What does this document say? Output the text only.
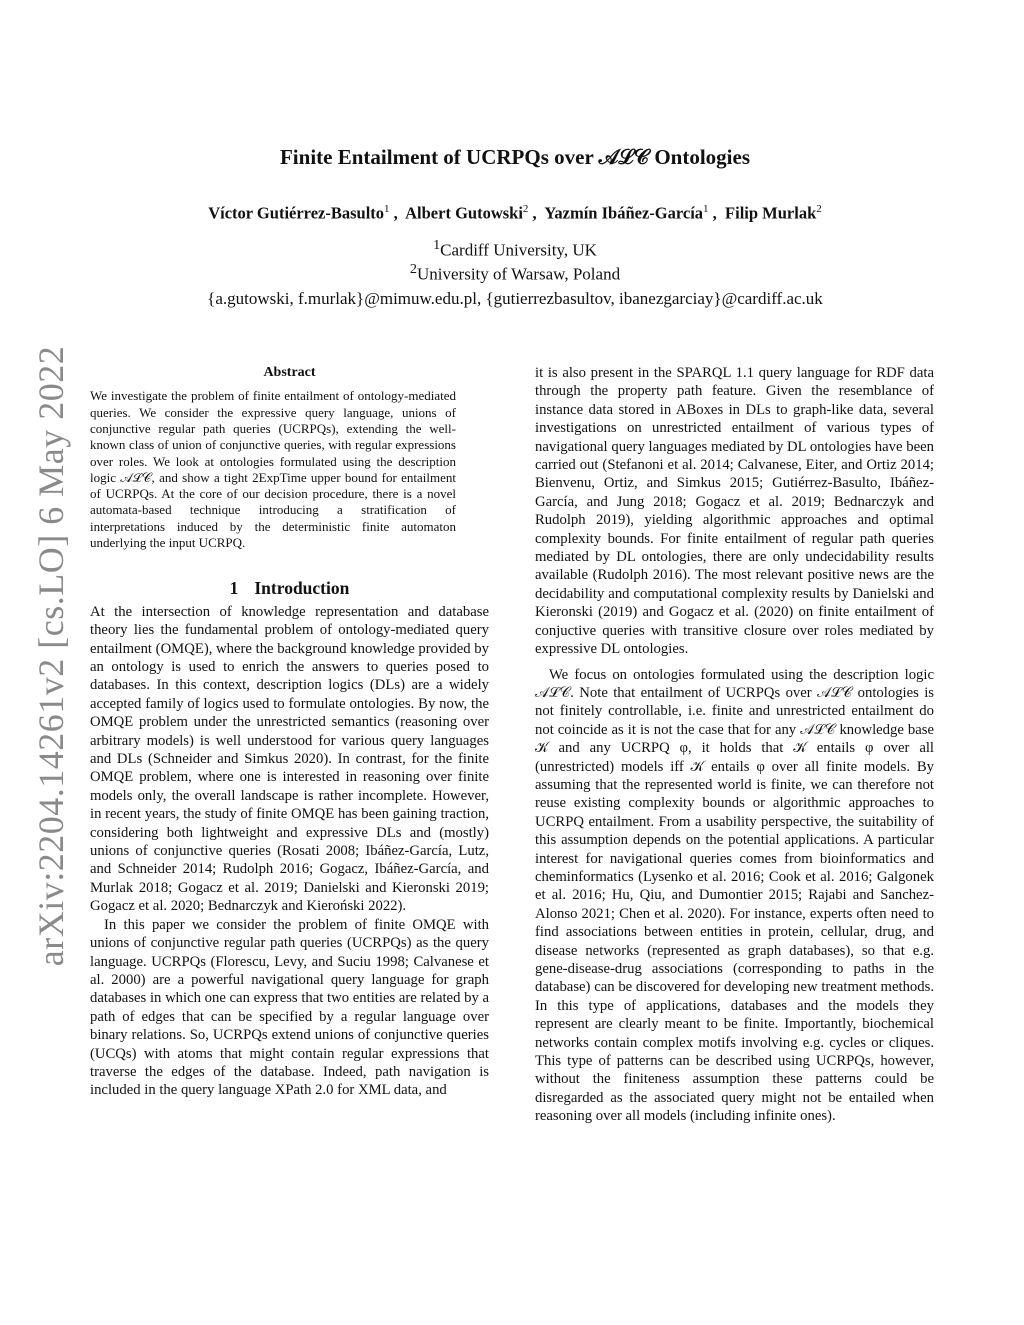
arXiv:2204.14261v2 [cs.LO] 6 May 2022
Finite Entailment of UCRPQs over 𝒜ℒ𝒞 Ontologies
Víctor Gutiérrez-Basulto$^1$ ,  Albert Gutowski$^2$ ,  Yazmín Ibáñez-García$^1$ ,  Filip Murlak$^2$
$^1$Cardiff University, UK
$^2$University of Warsaw, Poland
{a.gutowski, f.murlak}@mimuw.edu.pl, {gutierrezbasultov, ibanezgarciay}@cardiff.ac.uk
Abstract

We investigate the problem of finite entailment of ontology-mediated queries. We consider the expressive query language, unions of conjunctive regular path queries (UCRPQs), extending the well-known class of union of conjunctive queries, with regular expressions over roles. We look at ontologies formulated using the description logic 𝒜ℒ𝒞, and show a tight 2ExpTime upper bound for entailment of UCRPQs. At the core of our decision procedure, there is a novel automata-based technique introducing a stratification of interpretations induced by the deterministic finite automaton underlying the input UCRPQ.

1 Introduction

At the intersection of knowledge representation and database theory lies the fundamental problem of ontology-mediated query entailment (OMQE), where the background knowledge provided by an ontology is used to enrich the answers to queries posed to databases. In this context, description logics (DLs) are a widely accepted family of logics used to formulate ontologies. By now, the OMQE problem under the unrestricted semantics (reasoning over arbitrary models) is well understood for various query languages and DLs (Schneider and Simkus 2020). In contrast, for the finite OMQE problem, where one is interested in reasoning over finite models only, the overall landscape is rather incomplete. However, in recent years, the study of finite OMQE has been gaining traction, considering both lightweight and expressive DLs and (mostly) unions of conjunctive queries (Rosati 2008; Ibáñez-García, Lutz, and Schneider 2014; Rudolph 2016; Gogacz, Ibáñez-García, and Murlak 2018; Gogacz et al. 2019; Danielski and Kieronski 2019; Gogacz et al. 2020; Bednarczyk and Kieroński 2022).

In this paper we consider the problem of finite OMQE with unions of conjunctive regular path queries (UCRPQs) as the query language. UCRPQs (Florescu, Levy, and Suciu 1998; Calvanese et al. 2000) are a powerful navigational query language for graph databases in which one can express that two entities are related by a path of edges that can be specified by a regular language over binary relations. So, UCRPQs extend unions of conjunctive queries (UCQs) with atoms that might contain regular expressions that traverse the edges of the database. Indeed, path navigation is included in the query language XPath 2.0 for XML data, and

it is also present in the SPARQL 1.1 query language for RDF data through the property path feature. Given the resemblance of instance data stored in ABoxes in DLs to graph-like data, several investigations on unrestricted entailment of various types of navigational query languages mediated by DL ontologies have been carried out (Stefanoni et al. 2014; Calvanese, Eiter, and Ortiz 2014; Bienvenu, Ortiz, and Simkus 2015; Gutiérrez-Basulto, Ibáñez-García, and Jung 2018; Gogacz et al. 2019; Bednarczyk and Rudolph 2019), yielding algorithmic approaches and optimal complexity bounds. For finite entailment of regular path queries mediated by DL ontologies, there are only undecidability results available (Rudolph 2016). The most relevant positive news are the decidability and computational complexity results by Danielski and Kieronski (2019) and Gogacz et al. (2020) on finite entailment of conjuctive queries with transitive closure over roles mediated by expressive DL ontologies.

We focus on ontologies formulated using the description logic 𝒜ℒ𝒞. Note that entailment of UCRPQs over 𝒜ℒ𝒞 ontologies is not finitely controllable, i.e. finite and unrestricted entailment do not coincide as it is not the case that for any 𝒜ℒ𝒞 knowledge base 𝒦 and any UCRPQ φ, it holds that 𝒦 entails φ over all (unrestricted) models iff 𝒦 entails φ over all finite models. By assuming that the represented world is finite, we can therefore not reuse existing complexity bounds or algorithmic approaches to UCRPQ entailment. From a usability perspective, the suitability of this assumption depends on the potential applications. A particular interest for navigational queries comes from bioinformatics and cheminformatics (Lysenko et al. 2016; Cook et al. 2016; Galgonek et al. 2016; Hu, Qiu, and Dumontier 2015; Rajabi and Sanchez-Alonso 2021; Chen et al. 2020). For instance, experts often need to find associations between entities in protein, cellular, drug, and disease networks (represented as graph databases), so that e.g. gene-disease-drug associations (corresponding to paths in the database) can be discovered for developing new treatment methods. In this type of applications, databases and the models they represent are clearly meant to be finite. Importantly, biochemical networks contain complex motifs involving e.g. cycles or cliques. This type of patterns can be described using UCRPQs, however, without the finiteness assumption these patterns could be disregarded as the associated query might not be entailed when reasoning over all models (including infinite ones).
